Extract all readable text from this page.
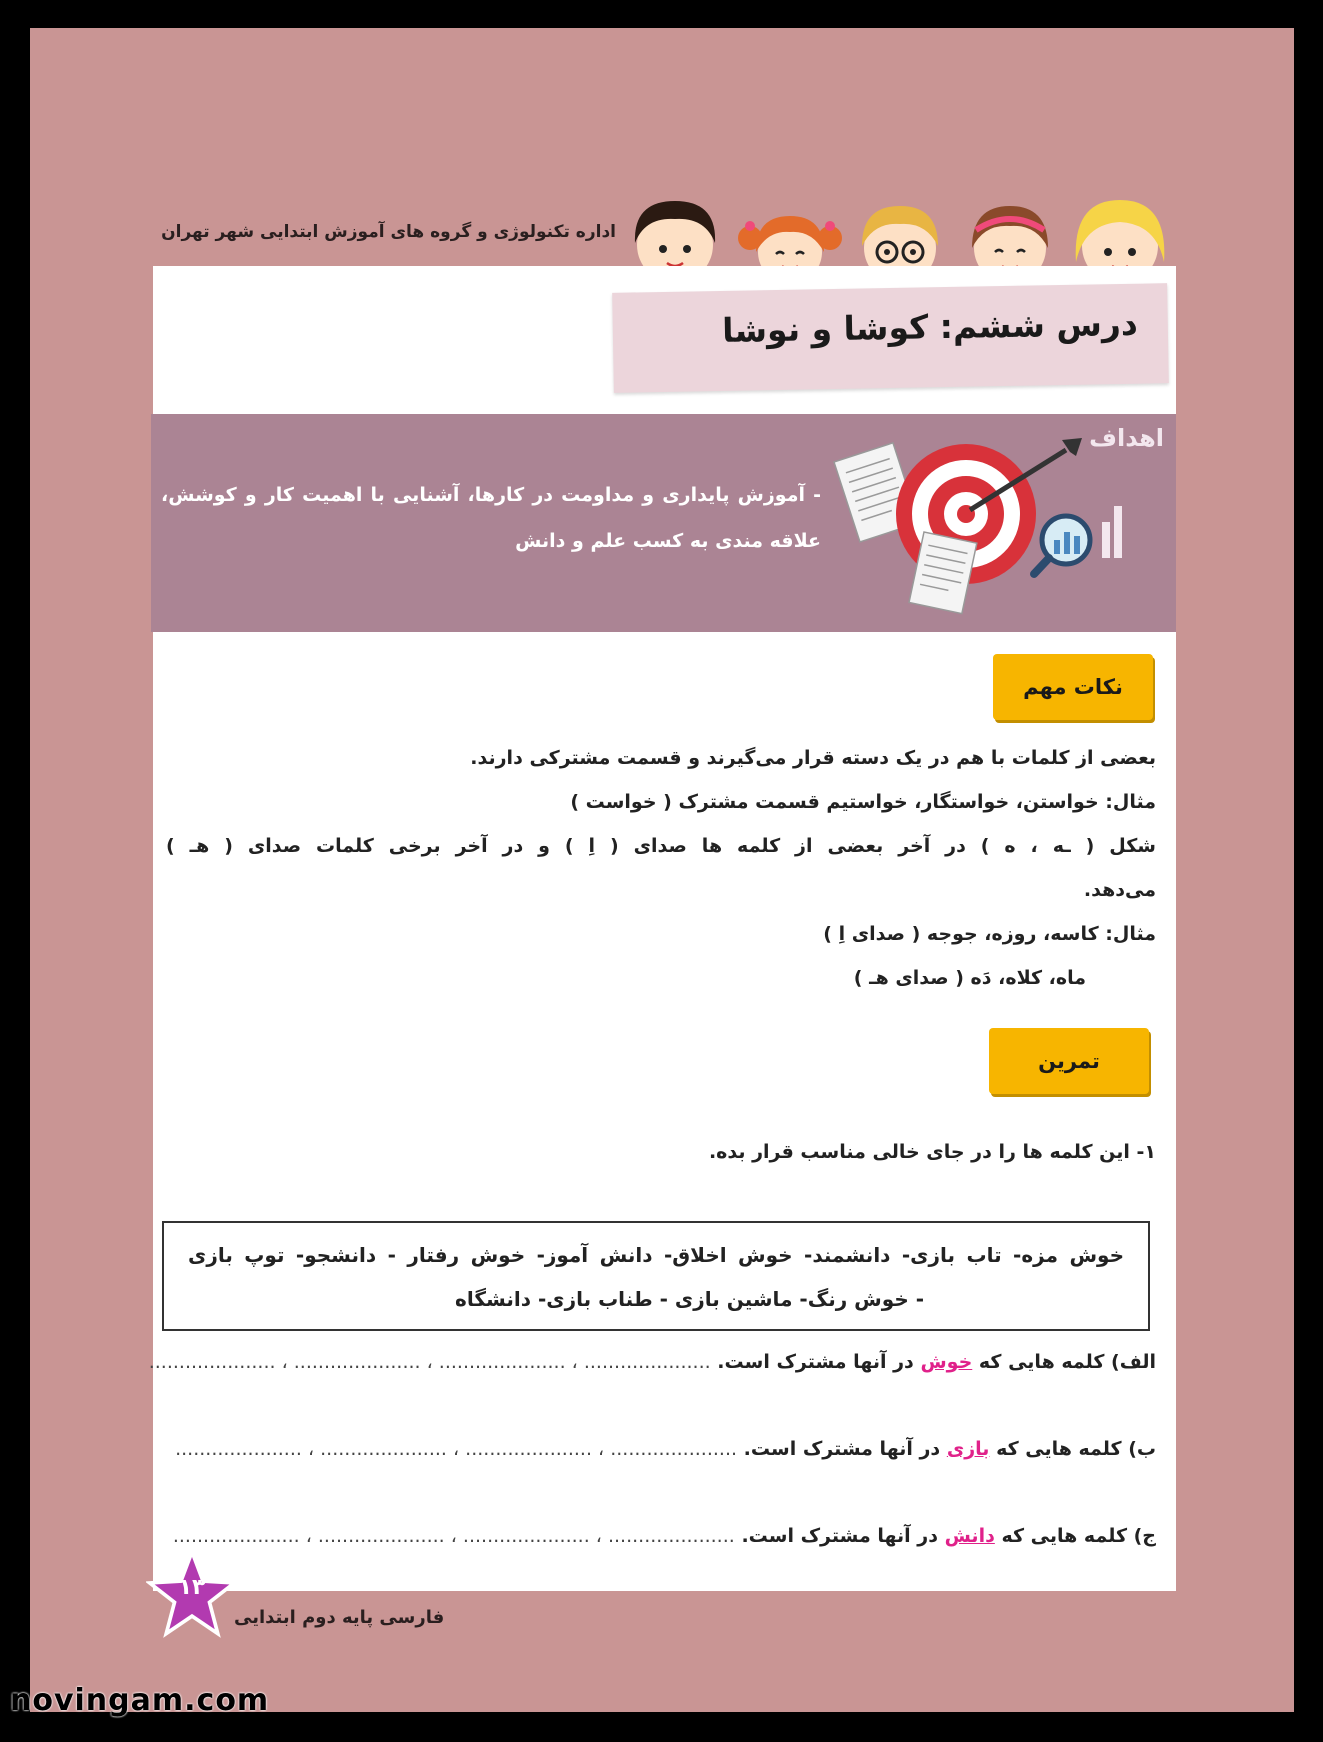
اداره تکنولوژی و گروه های آموزش ابتدایی شهر تهران
درس ششم: کوشا و نوشا
اهداف
- آموزش پایداری و مداومت در کارها، آشنایی با اهمیت کار و کوشش، علاقه مندی به کسب علم و دانش
نکات مهم
بعضی از کلمات با هم در یک دسته قرار می‌گیرند و قسمت مشترکی دارند.
مثال: خواستن، خواستگار، خواستیم قسمت مشترک ( خواست )
شکل ( ـه ، ه ) در آخر بعضی از کلمه ها صدای ( اِ ) و در آخر برخی کلمات صدای ( هـ )
می‌دهد.
مثال: کاسه، روزه، جوجه ( صدای اِ )
ماه، کلاه، دَه ( صدای هـ )
تمرین
۱- این کلمه ها را در جای خالی مناسب قرار بده.
خوش مزه- تاب بازی- دانشمند- خوش اخلاق- دانش آموز- خوش رفتار - دانشجو- توپ بازی
- خوش رنگ- ماشین بازی - طناب بازی- دانشگاه
الف) کلمه هایی که خوش در آنها مشترک است. ..................... ، ..................... ، ..................... ، .....................
ب) کلمه هایی که بازی در آنها مشترک است. ..................... ، ..................... ، ..................... ، .....................
ج) کلمه هایی که دانش در آنها مشترک است. ..................... ، ..................... ، ..................... ، .....................
۱۳
فارسی پایه دوم ابتدایی
novingam.com
